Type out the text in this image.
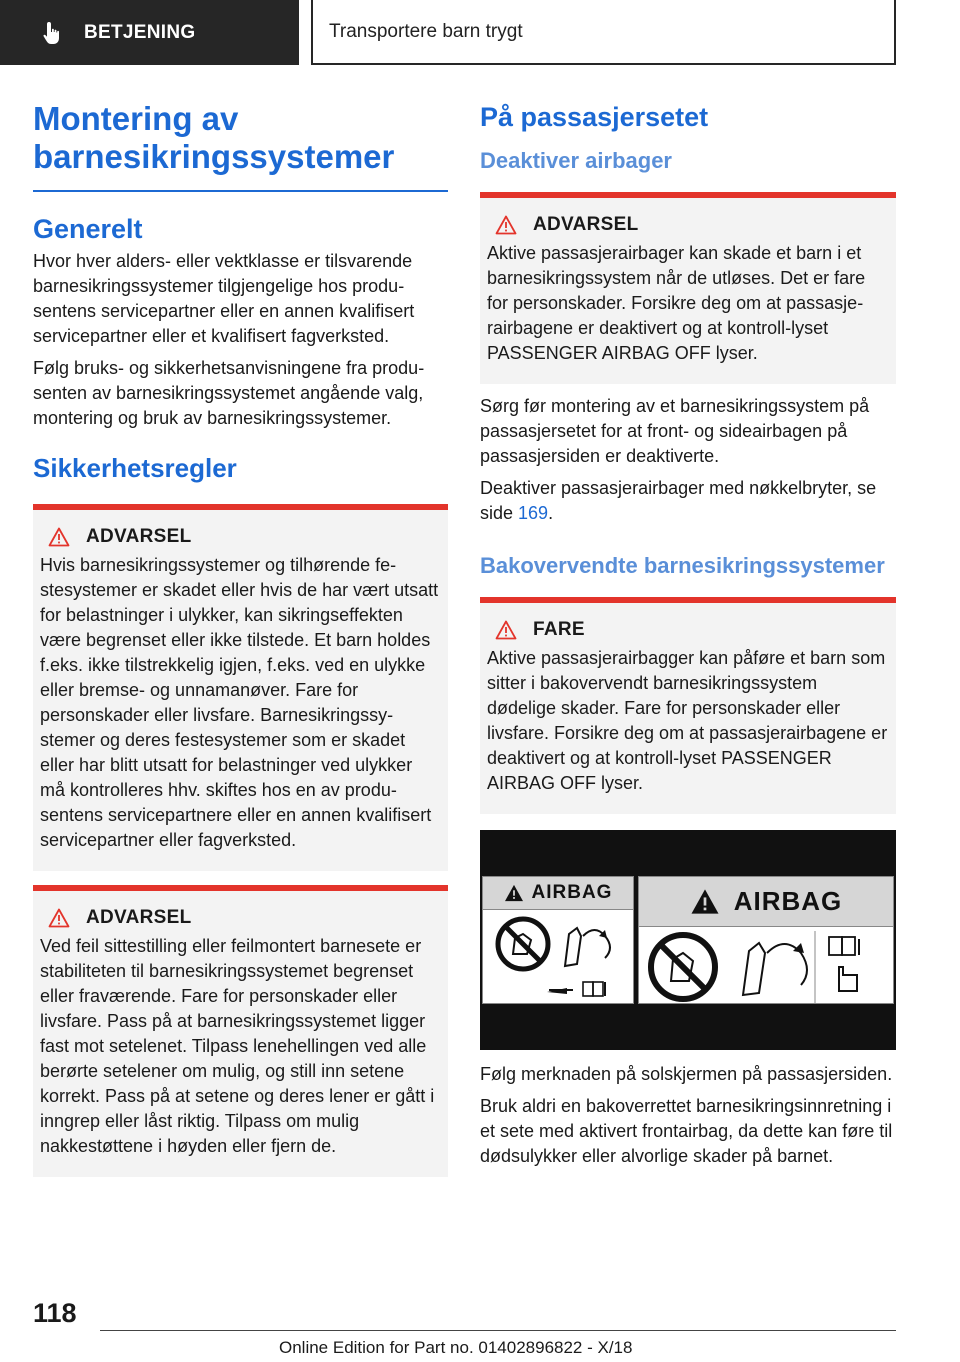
BETJENING	Transportere barn trygt
Montering av barnesikringssystemer
Generelt

Hvor hver alders- eller vektklasse er tilsvarende barnesikringssystemer tilgjengelige hos produsentens servicepartner eller en annen kvalifisert servicepartner eller et kvalifisert fagverksted.

Følg bruks- og sikkerhetsanvisningene fra produsenten av barnesikringssystemet angående valg, montering og bruk av barnesikringssystemer.

Sikkerhetsregler
ADVARSEL

Hvis barnesikringssystemer og tilhørende festesystemer er skadet eller hvis de har vært utsatt for belastninger i ulykker, kan sikringseffekten være begrenset eller ikke tilstede. Et barn holdes f.eks. ikke tilstrekkelig igjen, f.eks. ved en ulykke eller bremse- og unnamanøver. Fare for personskader eller livsfare. Barnesikringssystemer og deres festesystemer som er skadet eller har blitt utsatt for belastninger ved ulykker må kontrolleres hhv. skiftes hos en av produsentens servicepartnere eller en annen kvalifisert servicepartner eller fagverksted.

ADVARSEL

Ved feil sittestilling eller feilmontert barnesete er stabiliteten til barnesikringssystemet begrenset eller fraværende. Fare for personskader eller livsfare. Pass på at barnesikringssystemet ligger fast mot setelenet. Tilpass lenehellingen ved alle berørte setelener om mulig, og still inn setene korrekt. Pass på at setene og deres lener er gått i inngrep eller låst riktig. Tilpass om mulig nakkestøttene i høyden eller fjern de.

På passasjersetet
Deaktiver airbager
ADVARSEL

Aktive passasjerairbager kan skade et barn i et barnesikringssystem når de utløses. Det er fare for personskader. Forsikre deg om at passasjerairbagene er deaktivert og at kontroll-lyset PASSENGER AIRBAG OFF lyser.

Sørg før montering av et barnesikringssystem på passasjersetet for at front- og sideairbagen på passasjersiden er deaktiverte.

Deaktiver passasjerairbager med nøkkelbryter, se side 169.

Bakovervendte barnesikringssystemer
FARE

Aktive passasjerairbagger kan påføre et barn som sitter i bakovervendt barnesikringssystem dødelige skader. Fare for personskader eller livsfare. Forsikre deg om at passasjerairbagene er deaktivert og at kontroll-lyset PASSENGER AIRBAG OFF lyser.

AIRBAG	AIRBAG

Følg merknaden på solskjermen på passasjersiden.

Bruk aldri en bakoverrettet barnesikringsinnretning i et sete med aktivert frontairbag, da dette kan føre til dødsulykker eller alvorlige skader på barnet.

118
Online Edition for Part no. 01402896822 - X/18
